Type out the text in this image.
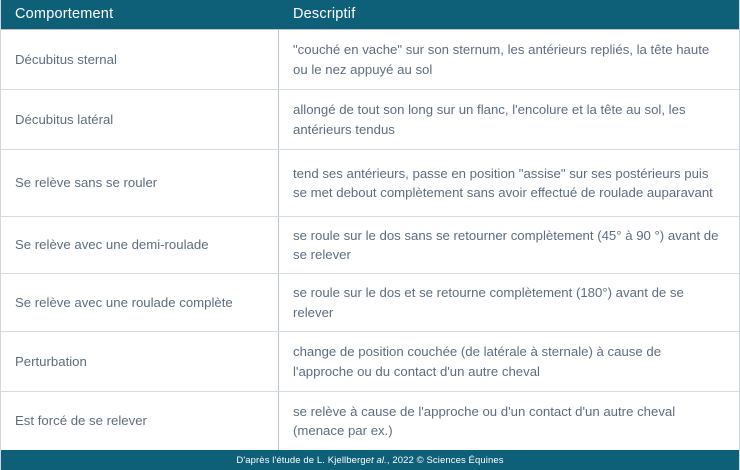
Comportement	Descriptif
Décubitus sternal
"couché en vache" sur son sternum, les antérieurs repliés, la tête haute ou le nez appuyé au sol
Décubitus latéral
allongé de tout son long sur un flanc, l'encolure et la tête au sol, les antérieurs tendus
Se relève sans se rouler
tend ses antérieurs, passe en position "assise" sur ses postérieurs puis se met debout complètement sans avoir effectué de roulade auparavant
Se relève avec une demi-roulade
se roule sur le dos sans se retourner complètement (45° à 90 °) avant de se relever
Se relève avec une roulade complète
se roule sur le dos et se retourne complètement (180°) avant de se relever
Perturbation
change de position couchée (de latérale à sternale) à cause de l'approche ou du contact d'un autre cheval
Est forcé de se relever
se relève à cause de l'approche ou d'un contact d'un autre cheval (menace par ex.)
D'après l'étude de L. Kjellberg et al. , 2022 © Sciences Équines
